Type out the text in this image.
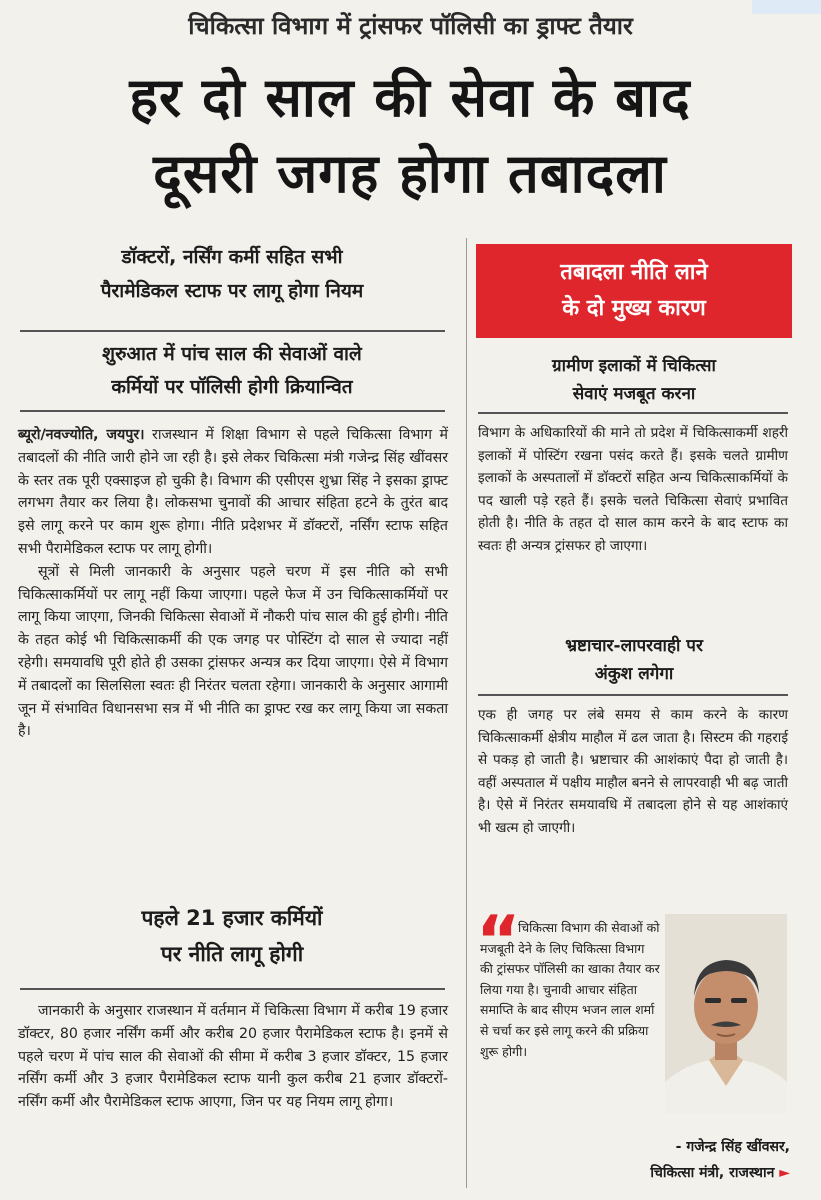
चिकित्सा विभाग में ट्रांसफर पॉलिसी का ड्राफ्ट तैयार
हर दो साल की सेवा के बाद
दूसरी जगह होगा तबादला
डॉक्टरों, नर्सिंग कर्मी सहित सभी
पैरामेडिकल स्टाफ पर लागू होगा नियम
शुरुआत में पांच साल की सेवाओं वाले
कर्मियों पर पॉलिसी होगी क्रियान्वित

ब्यूरो/नवज्योति, जयपुर। राजस्थान में शिक्षा विभाग से पहले चिकित्सा विभाग में तबादलों की नीति जारी होने जा रही है। इसे लेकर चिकित्सा मंत्री गजेन्द्र सिंह खींवसर के स्तर तक पूरी एक्साइज हो चुकी है। विभाग की एसीएस शुभ्रा सिंह ने इसका ड्राफ्ट लगभग तैयार कर लिया है। लोकसभा चुनावों की आचार संहिता हटने के तुरंत बाद इसे लागू करने पर काम शुरू होगा। नीति प्रदेशभर में डॉक्टरों, नर्सिंग स्टाफ सहित सभी पैरामेडिकल स्टाफ पर लागू होगी।

सूत्रों से मिली जानकारी के अनुसार पहले चरण में इस नीति को सभी चिकित्साकर्मियों पर लागू नहीं किया जाएगा। पहले फेज में उन चिकित्साकर्मियों पर लागू किया जाएगा, जिनकी चिकित्सा सेवाओं में नौकरी पांच साल की हुई होगी। नीति के तहत कोई भी चिकित्साकर्मी की एक जगह पर पोस्टिंग दो साल से ज्यादा नहीं रहेगी। समयावधि पूरी होते ही उसका ट्रांसफर अन्यत्र कर दिया जाएगा। ऐसे में विभाग में तबादलों का सिलसिला स्वतः ही निरंतर चलता रहेगा। जानकारी के अनुसार आगामी जून में संभावित विधानसभा सत्र में भी नीति का ड्राफ्ट रख कर लागू किया जा सकता है।

पहले 21 हजार कर्मियों
पर नीति लागू होगी

जानकारी के अनुसार राजस्थान में वर्तमान में चिकित्सा विभाग में करीब 19 हजार डॉक्टर, 80 हजार नर्सिंग कर्मी और करीब 20 हजार पैरामेडिकल स्टाफ है। इनमें से पहले चरण में पांच साल की सेवाओं की सीमा में करीब 3 हजार डॉक्टर, 15 हजार नर्सिंग कर्मी और 3 हजार पैरामेडिकल स्टाफ यानी कुल करीब 21 हजार डॉक्टरों-नर्सिंग कर्मी और पैरामेडिकल स्टाफ आएगा, जिन पर यह नियम लागू होगा।

तबादला नीति लाने
के दो मुख्य कारण
ग्रामीण इलाकों में चिकित्सा
सेवाएं मजबूत करना
विभाग के अधिकारियों की माने तो प्रदेश में चिकित्साकर्मी शहरी इलाकों में पोस्टिंग रखना पसंद करते हैं। इसके चलते ग्रामीण इलाकों के अस्पतालों में डॉक्टरों सहित अन्य चिकित्साकर्मियों के पद खाली पड़े रहते हैं। इसके चलते चिकित्सा सेवाएं प्रभावित होती है। नीति के तहत दो साल काम करने के बाद स्टाफ का स्वतः ही अन्यत्र ट्रांसफर हो जाएगा।
भ्रष्टाचार-लापरवाही पर
अंकुश लगेगा
एक ही जगह पर लंबे समय से काम करने के कारण चिकित्साकर्मी क्षेत्रीय माहौल में ढल जाता है। सिस्टम की गहराई से पकड़ हो जाती है। भ्रष्टाचार की आशंकाएं पैदा हो जाती है। वहीं अस्पताल में पक्षीय माहौल बनने से लापरवाही भी बढ़ जाती है। ऐसे में निरंतर समयावधि में तबादला होने से यह आशंकाएं भी खत्म हो जाएगी।
“
चिकित्सा विभाग की सेवाओं को मजबूती देने के लिए चिकित्सा विभाग की ट्रांसफर पॉलिसी का खाका तैयार कर लिया गया है। चुनावी आचार संहिता समाप्ति के बाद सीएम भजन लाल शर्मा से चर्चा कर इसे लागू करने की प्रक्रिया शुरू होगी।
- गजेन्द्र सिंह खींवसर,
चिकित्सा मंत्री, राजस्थान ►
